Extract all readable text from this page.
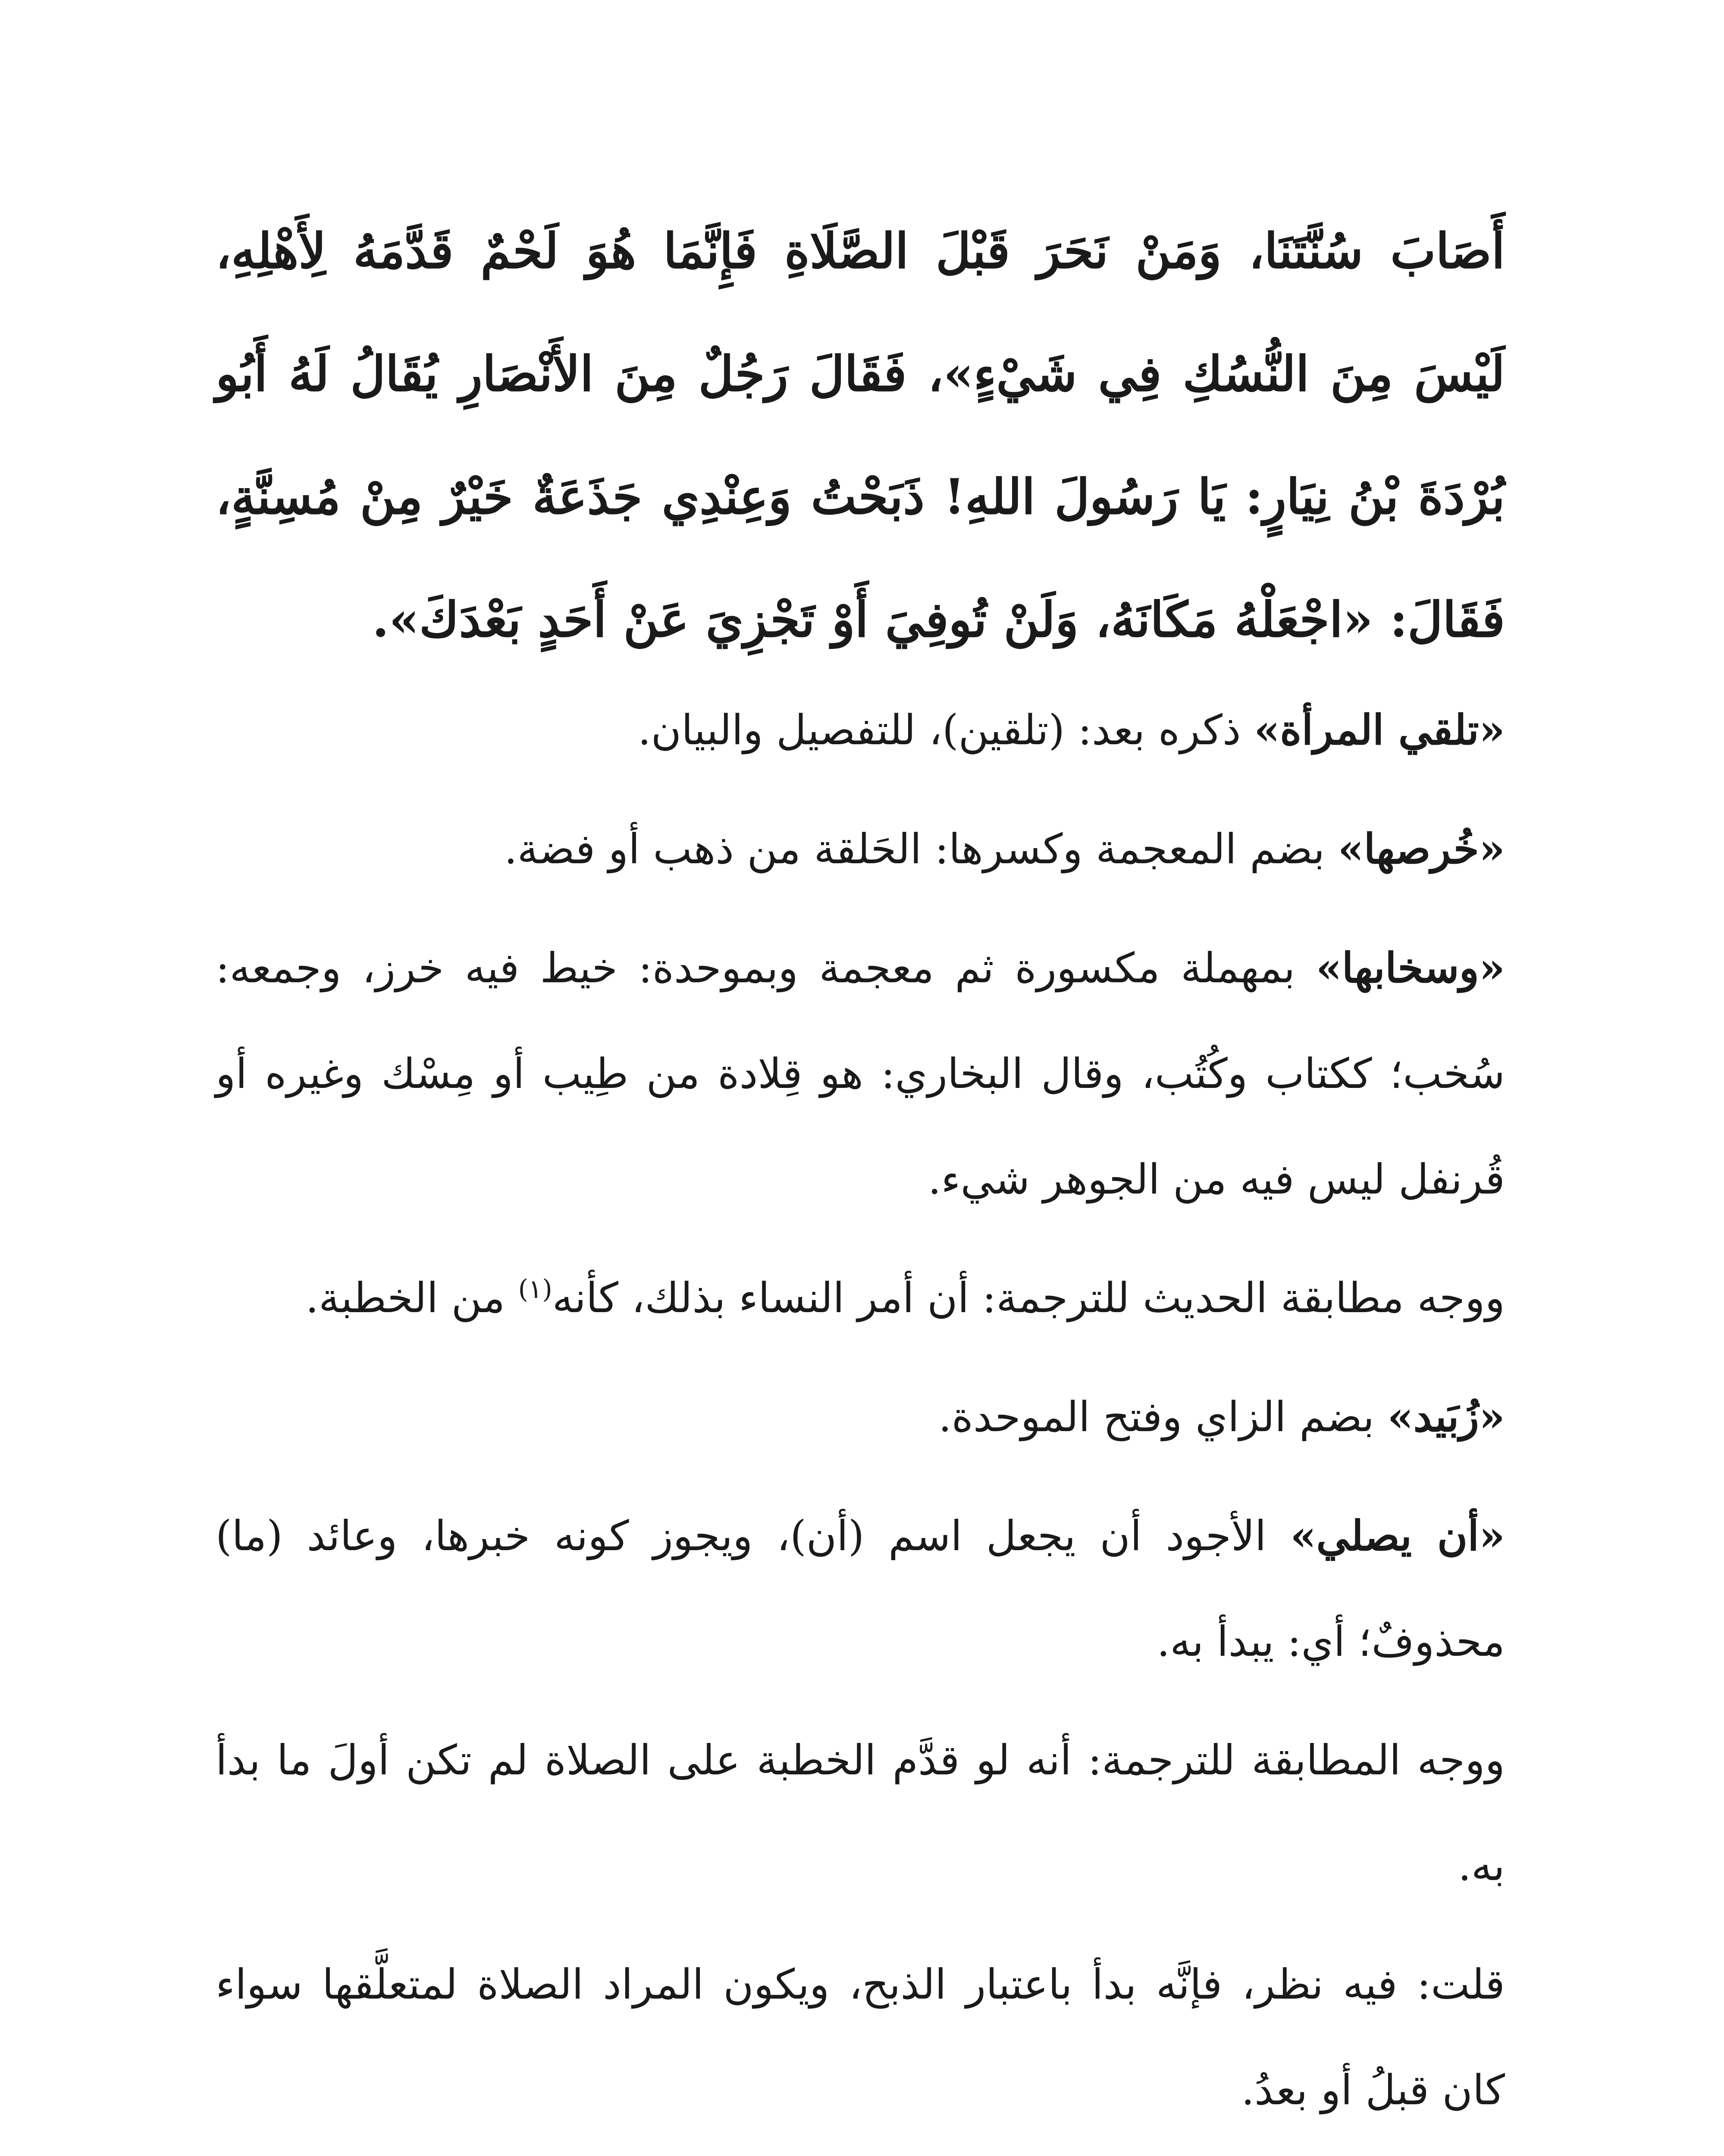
أَصَابَ سُنَّتَنَا، وَمَنْ نَحَرَ قَبْلَ الصَّلَاةِ فَإِنَّمَا هُوَ لَحْمٌ قَدَّمَهُ لِأَهْلِهِ، لَيْسَ مِنَ النُّسُكِ فِي شَيْءٍ»، فَقَالَ رَجُلٌ مِنَ الأَنْصَارِ يُقَالُ لَهُ أَبُو بُرْدَةَ بْنُ نِيَارٍ: يَا رَسُولَ اللهِ! ذَبَحْتُ وَعِنْدِي جَذَعَةٌ خَيْرٌ مِنْ مُسِنَّةٍ، فَقَالَ: «اجْعَلْهُ مَكَانَهُ، وَلَنْ تُوفِيَ أَوْ تَجْزِيَ عَنْ أَحَدٍ بَعْدَكَ».

«تلقي المرأة» ذكره بعد: (تلقين)، للتفصيل والبيان.

«خُرصها» بضم المعجمة وكسرها: الحَلقة من ذهب أو فضة.

«وسخابها» بمهملة مكسورة ثم معجمة وبموحدة: خيط فيه خرز، وجمعه: سُخب؛ ككتاب وكُتُب، وقال البخاري: هو قِلادة من طِيب أو مِسْك وغيره أو قُرنفل ليس فيه من الجوهر شيء.

ووجه مطابقة الحديث للترجمة: أن أمر النساء بذلك، كأنه$^{(١)}$ من الخطبة.

«زُبَيد» بضم الزاي وفتح الموحدة.

«أن يصلي» الأجود أن يجعل اسم (أن)، ويجوز كونه خبرها، وعائد (ما) محذوفٌ؛ أي: يبدأ به.

ووجه المطابقة للترجمة: أنه لو قدَّم الخطبة على الصلاة لم تكن أولَ ما بدأ به.

قلت: فيه نظر، فإنَّه بدأ باعتبار الذبح، ويكون المراد الصلاة لمتعلَّقها سواء كان قبلُ أو بعدُ.
